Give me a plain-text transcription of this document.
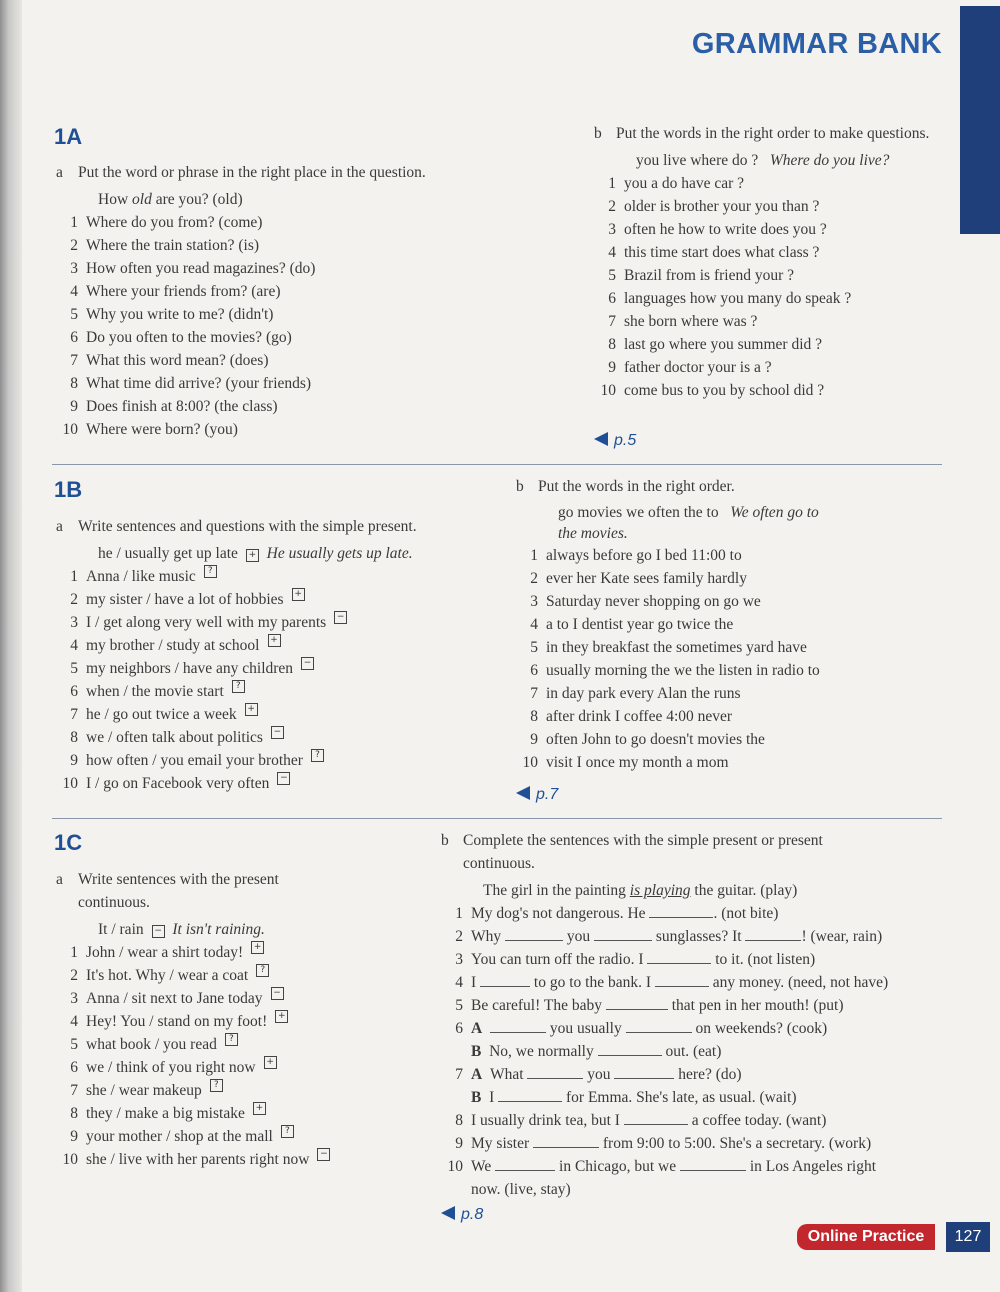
GRAMMAR BANK
1A
a Put the word or phrase in the right place in the question.
How old are you? (old)
1 Where do you from? (come)
2 Where the train station? (is)
3 How often you read magazines? (do)
4 Where your friends from? (are)
5 Why you write to me? (didn't)
6 Do you often to the movies? (go)
7 What this word mean? (does)
8 What time did arrive? (your friends)
9 Does finish at 8:00? (the class)
10 Where were born? (you)
b Put the words in the right order to make questions.
you live where do ? Where do you live?
1 you a do have car ?
2 older is brother your you than ?
3 often he how to write does you ?
4 this time start does what class ?
5 Brazil from is friend your ?
6 languages how you many do speak ?
7 she born where was ?
8 last go where you summer did ?
9 father doctor your is a ?
10 come bus to you by school did ?
p.5
1B
a Write sentences and questions with the simple present.
he / usually get up late + He usually gets up late.
1 Anna / like music	?
2 my sister / have a lot of hobbies	+
3 I / get along very well with my parents	−
4 my brother / study at school	+
5 my neighbors / have any children	−
6 when / the movie start	?
7 he / go out twice a week	+
8 we / often talk about politics	−
9 how often / you email your brother	?
10 I / go on Facebook very often	−
b Put the words in the right order.
go movies we often the to We often go to
the movies.
1 always before go I bed 11:00 to
2 ever her Kate sees family hardly
3 Saturday never shopping on go we
4 a to I dentist year go twice the
5 in they breakfast the sometimes yard have
6 usually morning the we the listen in radio to
7 in day park every Alan the runs
8 after drink I coffee 4:00 never
9 often John to go doesn't movies the
10 visit I once my month a mom
p.7
1C
a Write sentences with the present
continuous.
It / rain − It isn't raining.
1 John / wear a shirt today!	+
2 It's hot. Why / wear a coat	?
3 Anna / sit next to Jane today	−
4 Hey! You / stand on my foot!	+
5 what book / you read	?
6 we / think of you right now	+
7 she / wear makeup	?
8 they / make a big mistake	+
9 your mother / shop at the mall	?
10 she / live with her parents right now	−
b Complete the sentences with the simple present or present
continuous.
The girl in the painting is playing the guitar. (play)
1 My dog's not dangerous. He	. (not bite)
2 Why	you	sunglasses? It	! (wear, rain)
3 You can turn off the radio. I	to it. (not listen)
4 I	to go to the bank. I	any money. (need, not have)
5 Be careful! The baby	that pen in her mouth! (put)
6 A	you usually	on weekends? (cook)
B No, we normally	out. (eat)
7 A What	you	here? (do)
B I	for Emma. She's late, as usual. (wait)
8 I usually drink tea, but I	a coffee today. (want)
9 My sister	from 9:00 to 5:00. She's a secretary. (work)
10 We	in Chicago, but we	in Los Angeles right
now. (live, stay)
p.8
Online Practice	127
